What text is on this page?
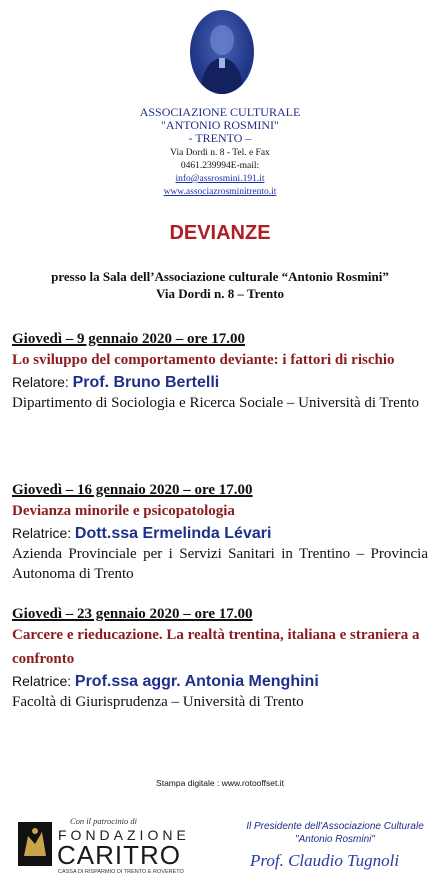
ASSOCIAZIONE CULTURALE
"ANTONIO ROSMINI"
- TRENTO –
Via Dordi n. 8 - Tel. e Fax
0461.239994E-mail:
info@assrosmini.191.it
www.associazrosminitrento.it
DEVIANZE
presso la Sala dell’Associazione culturale “Antonio Rosmini”
Via Dordi n. 8 – Trento
Giovedì – 9 gennaio 2020 – ore 17.00
Lo sviluppo del comportamento deviante: i fattori di rischio
Relatore: Prof. Bruno Bertelli
Dipartimento di Sociologia e Ricerca Sociale – Università di Trento
Giovedì – 16 gennaio 2020 – ore 17.00
Devianza minorile e psicopatologia
Relatrice: Dott.ssa Ermelinda Lévari
Azienda Provinciale per i Servizi Sanitari in Trentino – Provincia Autonoma di Trento
Giovedì – 23 gennaio 2020 – ore 17.00
Carcere e rieducazione. La realtà trentina, italiana e straniera a confronto
Relatrice: Prof.ssa aggr. Antonia Menghini
Facoltà di Giurisprudenza – Università di Trento
Stampa digitale : www.rotooffset.it
Con il patrocinio di
FONDAZIONE
CARITRO
CASSA DI RISPARMIO DI TRENTO E ROVERETO
Il Presidente dell'Associazione Culturale
"Antonio Rosmini"
Prof. Claudio Tugnoli
